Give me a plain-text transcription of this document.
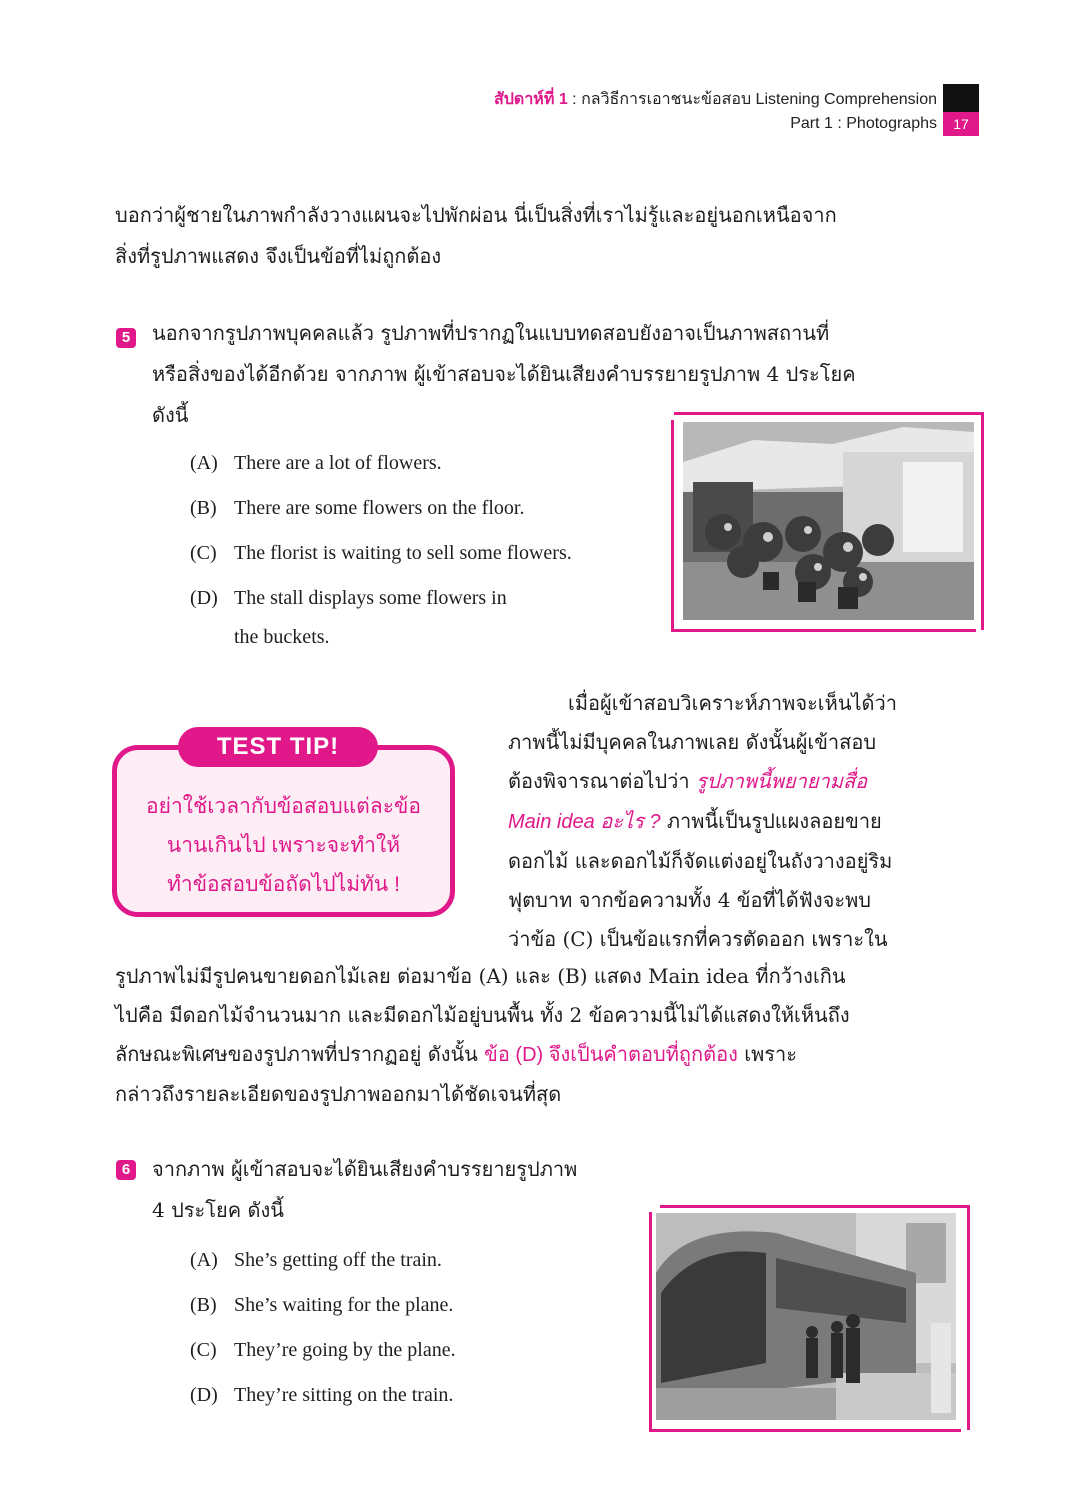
สัปดาห์ที่ 1 : กลวิธีการเอาชนะข้อสอบ Listening Comprehension
Part 1 : Photographs	17

บอกว่าผู้ชายในภาพกำลังวางแผนจะไปพักผ่อน นี่เป็นสิ่งที่เราไม่รู้และอยู่นอกเหนือจาก

สิ่งที่รูปภาพแสดง จึงเป็นข้อที่ไม่ถูกต้อง

5 นอกจากรูปภาพบุคคลแล้ว รูปภาพที่ปรากฏในแบบทดสอบยังอาจเป็นภาพสถานที่

หรือสิ่งของได้อีกด้วย จากภาพ ผู้เข้าสอบจะได้ยินเสียงคำบรรยายรูปภาพ 4 ประโยค

ดังนี้

(A) There are a lot of flowers.
(B) There are some flowers on the floor.
(C) The florist is waiting to sell some flowers.
(D) The stall displays some flowers in
the buckets.
TEST TIP!
อย่าใช้เวลากับข้อสอบแต่ละข้อ
นานเกินไป เพราะจะทำให้
ทำข้อสอบข้อถัดไปไม่ทัน !

เมื่อผู้เข้าสอบวิเคราะห์ภาพจะเห็นได้ว่า

ภาพนี้ไม่มีบุคคลในภาพเลย ดังนั้นผู้เข้าสอบ

ต้องพิจารณาต่อไปว่า รูปภาพนี้พยายามสื่อ

Main idea อะไร ? ภาพนี้เป็นรูปแผงลอยขาย

ดอกไม้ และดอกไม้ก็จัดแต่งอยู่ในถังวางอยู่ริม

ฟุตบาท จากข้อความทั้ง 4 ข้อที่ได้ฟังจะพบ

ว่าข้อ (C) เป็นข้อแรกที่ควรตัดออก เพราะใน

รูปภาพไม่มีรูปคนขายดอกไม้เลย ต่อมาข้อ (A) และ (B) แสดง Main idea ที่กว้างเกิน

ไปคือ มีดอกไม้จำนวนมาก และมีดอกไม้อยู่บนพื้น ทั้ง 2 ข้อความนี้ไม่ได้แสดงให้เห็นถึง

ลักษณะพิเศษของรูปภาพที่ปรากฏอยู่ ดังนั้น ข้อ (D) จึงเป็นคำตอบที่ถูกต้อง เพราะ

กล่าวถึงรายละเอียดของรูปภาพออกมาได้ชัดเจนที่สุด

6 จากภาพ ผู้เข้าสอบจะได้ยินเสียงคำบรรยายรูปภาพ

4 ประโยค ดังนี้

(A) She’s getting off the train.
(B) She’s waiting for the plane.
(C) They’re going by the plane.
(D) They’re sitting on the train.
